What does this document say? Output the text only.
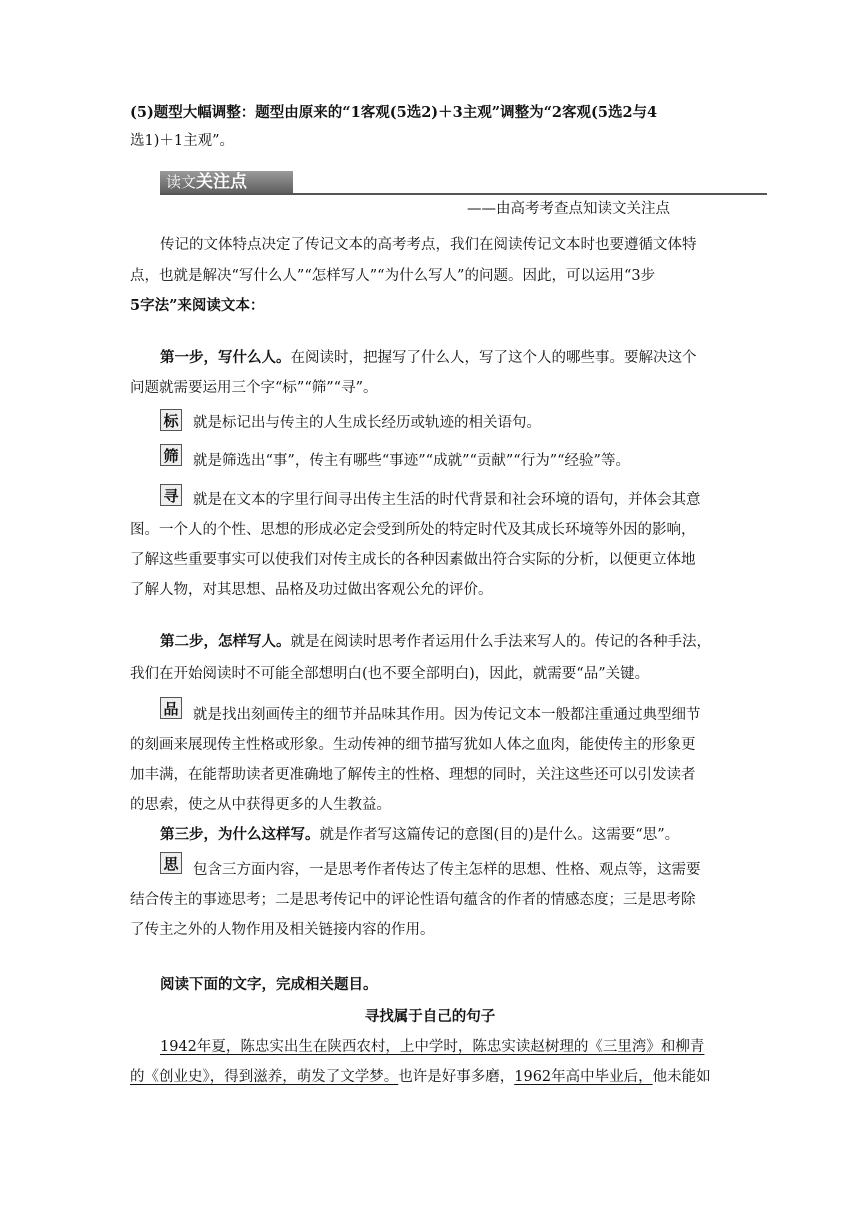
(5)题型大幅调整：题型由原来的“1客观(5选2)＋3主观”调整为“2客观(5选2与4
选1)＋1主观”。
读文关注点
——由高考考查点知读文关注点
传记的文体特点决定了传记文本的高考考点，我们在阅读传记文本时也要遵循文体特
点，也就是解决“写什么人”“怎样写人”“为什么写人”的问题。因此，可以运用“3步
5字法”来阅读文本：
第一步，写什么人。在阅读时，把握写了什么人，写了这个人的哪些事。要解决这个
问题就需要运用三个字“标”“筛”“寻”。
标 就是标记出与传主的人生成长经历或轨迹的相关语句。
筛 就是筛选出“事”，传主有哪些“事迹”“成就”“贡献”“行为”“经验”等。
寻 就是在文本的字里行间寻出传主生活的时代背景和社会环境的语句，并体会其意
图。一个人的个性、思想的形成必定会受到所处的特定时代及其成长环境等外因的影响，
了解这些重要事实可以使我们对传主成长的各种因素做出符合实际的分析，以便更立体地
了解人物，对其思想、品格及功过做出客观公允的评价。
第二步，怎样写人。就是在阅读时思考作者运用什么手法来写人的。传记的各种手法，
我们在开始阅读时不可能全部想明白(也不要全部明白)，因此，就需要“品”关键。
品 就是找出刻画传主的细节并品味其作用。因为传记文本一般都注重通过典型细节
的刻画来展现传主性格或形象。生动传神的细节描写犹如人体之血肉，能使传主的形象更
加丰满，在能帮助读者更准确地了解传主的性格、理想的同时，关注这些还可以引发读者
的思索，使之从中获得更多的人生教益。
第三步，为什么这样写。就是作者写这篇传记的意图(目的)是什么。这需要“思”。
思 包含三方面内容，一是思考作者传达了传主怎样的思想、性格、观点等，这需要
结合传主的事迹思考；二是思考传记中的评论性语句蕴含的作者的情感态度；三是思考除
了传主之外的人物作用及相关链接内容的作用。
阅读下面的文字，完成相关题目。
寻找属于自己的句子
1942年夏，陈忠实出生在陕西农村，上中学时，陈忠实读赵树理的《三里湾》和柳青
的《创业史》，得到滋养，萌发了文学梦。也许是好事多磨，1962年高中毕业后，他未能如
